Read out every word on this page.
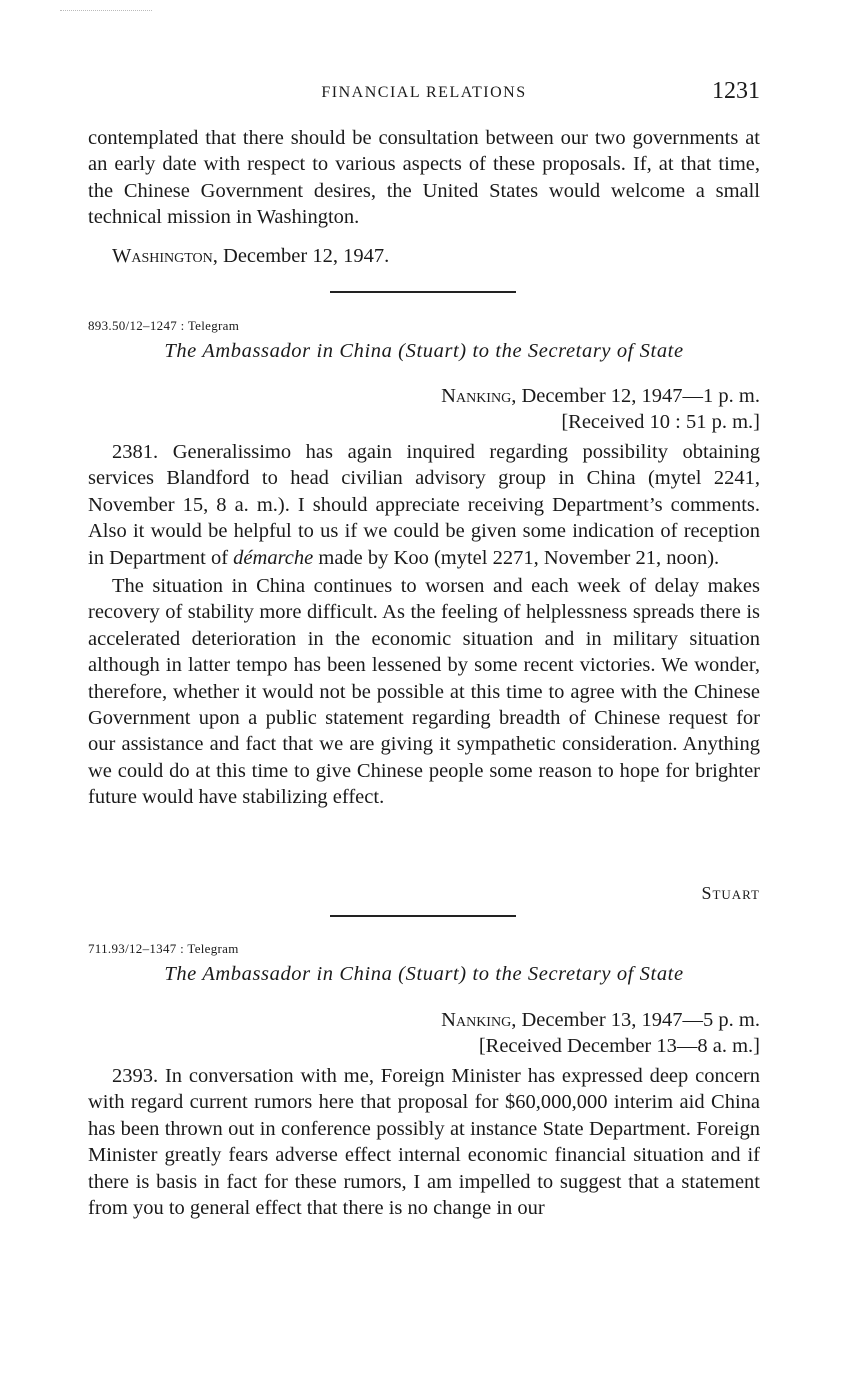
FINANCIAL RELATIONS	1231

contemplated that there should be consultation between our two governments at an early date with respect to various aspects of these proposals. If, at that time, the Chinese Government desires, the United States would welcome a small technical mission in Washington.

Washington, December 12, 1947.
893.50/12–1247 : Telegram
The Ambassador in China (Stuart) to the Secretary of State
Nanking, December 12, 1947—1 p. m.
[Received 10 : 51 p. m.]

2381. Generalissimo has again inquired regarding possibility obtaining services Blandford to head civilian advisory group in China (mytel 2241, November 15, 8 a. m.). I should appreciate receiving Department’s comments. Also it would be helpful to us if we could be given some indication of reception in Department of démarche made by Koo (mytel 2271, November 21, noon).

The situation in China continues to worsen and each week of delay makes recovery of stability more difficult. As the feeling of helplessness spreads there is accelerated deterioration in the economic situation and in military situation although in latter tempo has been lessened by some recent victories. We wonder, therefore, whether it would not be possible at this time to agree with the Chinese Government upon a public statement regarding breadth of Chinese request for our assistance and fact that we are giving it sympathetic consideration. Anything we could do at this time to give Chinese people some reason to hope for brighter future would have stabilizing effect.

Stuart
711.93/12–1347 : Telegram
The Ambassador in China (Stuart) to the Secretary of State
Nanking, December 13, 1947—5 p. m.
[Received December 13—8 a. m.]

2393. In conversation with me, Foreign Minister has expressed deep concern with regard current rumors here that proposal for $60,000,000 interim aid China has been thrown out in conference possibly at instance State Department. Foreign Minister greatly fears adverse effect internal economic financial situation and if there is basis in fact for these rumors, I am impelled to suggest that a statement from you to general effect that there is no change in our
